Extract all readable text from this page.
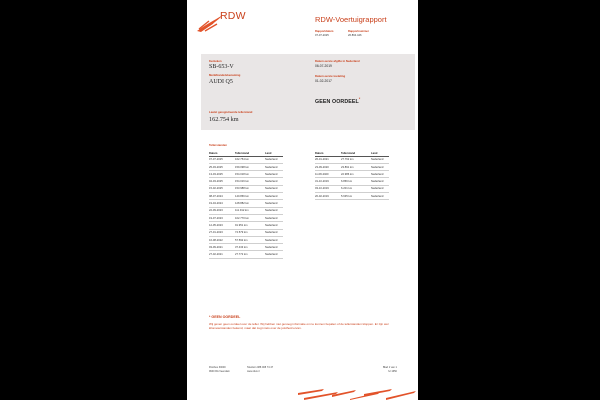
RDW	RDW-Voertuigrapport
Rapportdatum
07-07-2025
Rapportnummer
26.864.446
Kenteken
SB-653-V
Merk/Handelsbenaming
AUDI Q5
Laatst geregistreerde tellerstand
162.754 km
Datum eerste afgifte in Nederland
06-07-2019
Datum eerste toelating
01-02-2017
GEEN OORDEEL*
Tellerstanden
Datum	Tellerstand	Land
07-07-2025	162.754 km	Nederland
25-03-2025	159.098 km	Nederland
13-03-2025	154.018 km	Nederland
04-03-2025	154.016 km	Nederland
15-02-2025	153.988 km	Nederland
08-07-2024	140.866 km	Nederland
19-04-2024	128.882 km	Nederland
22-09-2023	111.912 km	Nederland
19-07-2023	102.770 km	Nederland
12-05-2023	91.951 km	Nederland
27-01-2023	74.579 km	Nederland
16-08-2022	57.592 km	Nederland
03-09-2021	37.433 km	Nederland
27-02-2021	27.772 km	Nederland
Datum	Tellerstand	Land
26-01-2021	27.762 km	Nederland
23-09-2020	23.891 km	Nederland
11-08-2020	22.986 km	Nederland
31-10-2019	6.866 km	Nederland
03-10-2019	6.201 km	Nederland
20-02-2019	5.635 km	Nederland
* GEEN OORDEEL
Wij geven geen oordeel over de teller. Wij hebben niet genoeg informatie om te kunnen bepalen of de tellerstanden kloppen. Er zijn wel kilometerstanden bekend, maar dat zegt niets over de juistheid ervan.
Postbus 30000
9640 RA Veendam
Telefoon 088 008 74 47
www.rdw.nl
Blad 1 van 1
IvI 1650
